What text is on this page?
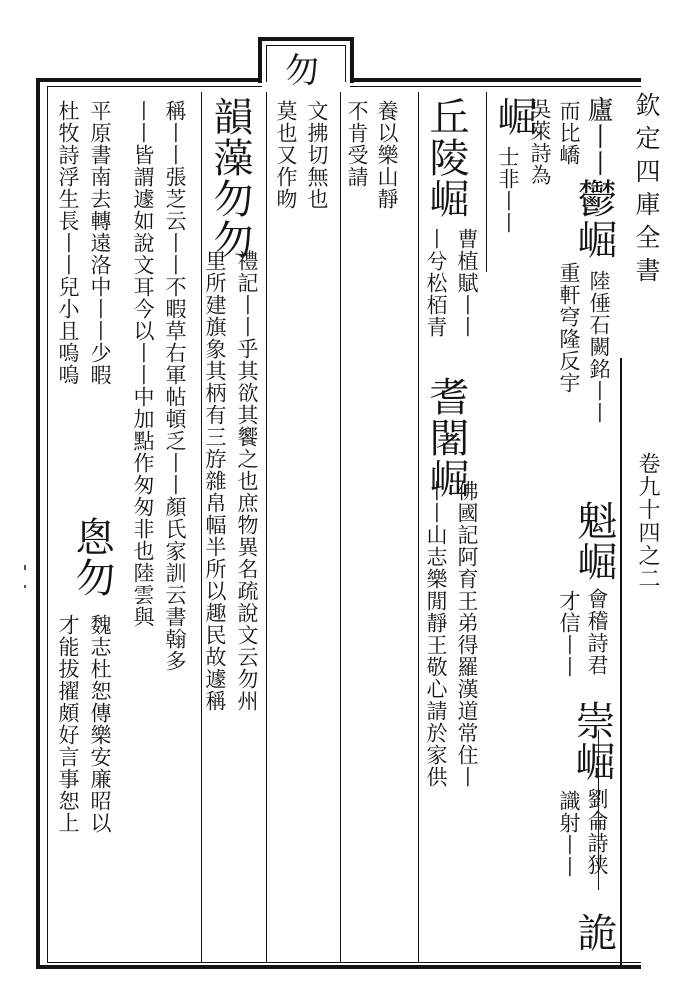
勿
欽定四庫全書
卷九十四之二
廬丨丨
鬱崛
陸倕石闕銘丨丨
魁崛
會稽詩君
崇崛
劉侖詩狭
詭
而比嶠
重軒穹隆反宇
才信丨丨
識射丨丨
崛
吳萊詩為
士非丨丨
丘陵崛
曹植賦丨丨
耆闍崛
佛國記阿育王弟得羅漢道常住丨
丨兮松栢青
丨丨山志樂閒靜王敬心請於家供
養以樂山靜
不肯受請
文拂切無也
莫也又作昒
韻藻勿勿
禮記丨丨乎其欲其饗之也庶物異名疏說文云勿州
里所建旗象其柄有三斿雜帛幅半所以趣民故遽稱
稱丨丨張芝云丨丨不暇草右軍帖頓乏丨丨顏氏家訓云書翰多
丨丨皆謂遽如說文耳今以丨丨中加點作匆匆非也陸雲與
平原書南去轉遠洛中丨丨少暇
悤勿
魏志杜恕傳樂安廉昭以
杜牧詩浮生長丨丨兒小且嗚嗚
才能拔擢頗好言事恕上
